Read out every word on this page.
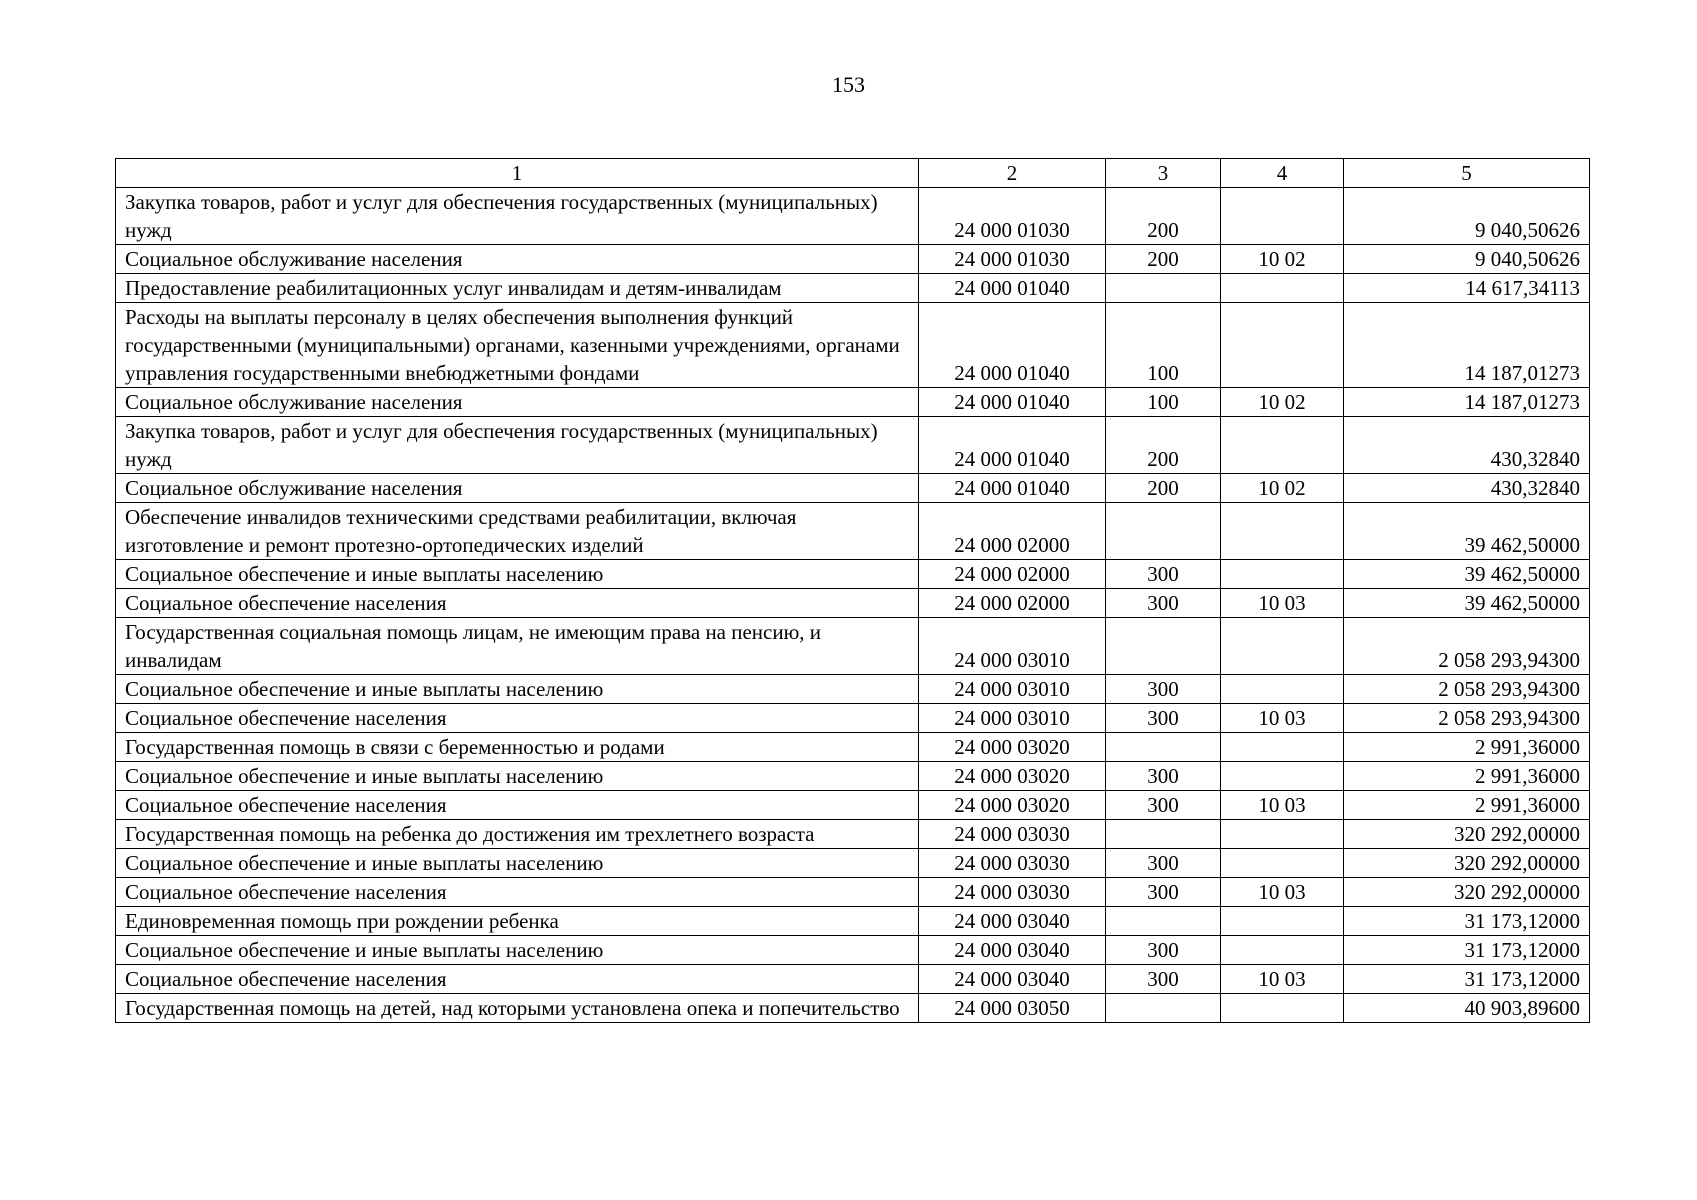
153
1	2	3	4	5
Закупка товаров, работ и услуг для обеспечения государственных (муниципальных) нужд	24 000 01030	200		9 040,50626
Социальное обслуживание населения	24 000 01030	200	10 02	9 040,50626
Предоставление реабилитационных услуг инвалидам и детям-инвалидам	24 000 01040			14 617,34113
Расходы на выплаты персоналу в целях обеспечения выполнения функций государственными (муниципальными) органами, казенными учреждениями, органами управления государственными внебюджетными фондами	24 000 01040	100		14 187,01273
Социальное обслуживание населения	24 000 01040	100	10 02	14 187,01273
Закупка товаров, работ и услуг для обеспечения государственных (муниципальных) нужд	24 000 01040	200		430,32840
Социальное обслуживание населения	24 000 01040	200	10 02	430,32840
Обеспечение инвалидов техническими средствами реабилитации, включая изготовление и ремонт протезно-ортопедических изделий	24 000 02000			39 462,50000
Социальное обеспечение и иные выплаты населению	24 000 02000	300		39 462,50000
Социальное обеспечение населения	24 000 02000	300	10 03	39 462,50000
Государственная социальная помощь лицам, не имеющим права на пенсию, и инвалидам	24 000 03010			2 058 293,94300
Социальное обеспечение и иные выплаты населению	24 000 03010	300		2 058 293,94300
Социальное обеспечение населения	24 000 03010	300	10 03	2 058 293,94300
Государственная помощь в связи с беременностью и родами	24 000 03020			2 991,36000
Социальное обеспечение и иные выплаты населению	24 000 03020	300		2 991,36000
Социальное обеспечение населения	24 000 03020	300	10 03	2 991,36000
Государственная помощь на ребенка до достижения им трехлетнего возраста	24 000 03030			320 292,00000
Социальное обеспечение и иные выплаты населению	24 000 03030	300		320 292,00000
Социальное обеспечение населения	24 000 03030	300	10 03	320 292,00000
Единовременная помощь при рождении ребенка	24 000 03040			31 173,12000
Социальное обеспечение и иные выплаты населению	24 000 03040	300		31 173,12000
Социальное обеспечение населения	24 000 03040	300	10 03	31 173,12000
Государственная помощь на детей, над которыми установлена опека и попечительство	24 000 03050			40 903,89600
